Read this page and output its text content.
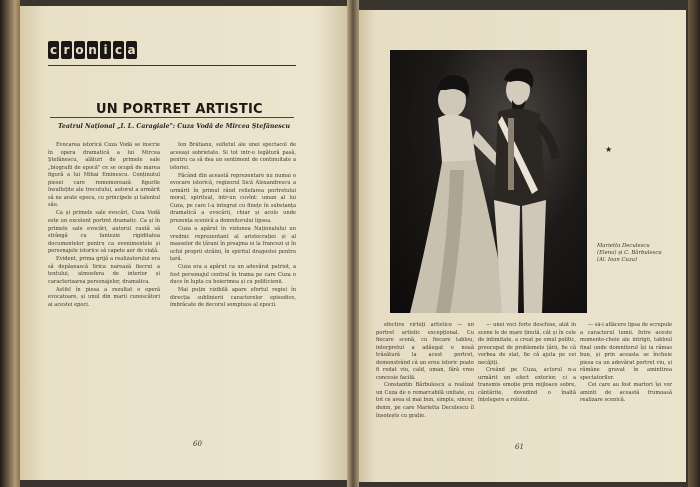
c r o n i c a
UN PORTRET ARTISTIC
Teatrul Național „I. L. Caragiale": Cuza Vodă de Mircea Ștefănescu

Evocarea istorică Cuza Vodă se înscrie în opera dramatică a lui Mircea Ștefănescu, alături de primele sale „biografii de epocă" ce se ocupă de marea figură a lui Mihai Eminescu. Conținutul piesei care rememorează figurile însuflețite ale trecutului, autorul a urmărit să ne arate epoca, cu principele și talentul său.

Ca și primele sale evocări, Cuza Vodă este un excelent portret dramatic. Ca și în primele sale evocări, autorul caută să strângă cu fantezie rigiditatea documentelor pentru ca evenimentele și personajele istorice să capete aer de viață.

Evident, prima grijă a realizatorului era să depășească lirica narează fiecrui a textului, atmosfera de interior și caracterizarea personajelor, dramatica.

Astfel în piesa a rezultat o operă evocatoare, și unul din marii cunoscători ai acestei epoci.

Ion Brătianu, sufletul ale unei spectacol de aceeași sobrietate. Si tot intr-o legătură pasă, pentru ca să dea un sentiment de continuitate a istoriei.

Făcând din această reprezentare nu numai o evocare istorică, regizorul Sică Alexandrescu a urmărit în primul rând reliefarea portretului moral, spiritual, intr-un cuvînt: uman al lui Cuza, pe care l-a integrat cu finețe în substanța dramatică a evocării, chiar și acolo unde prezența scenică a domnitorului lipsea.

Cuza a apărut în viziunea Naționalului un vrednic reprezentant al aristocrației și al masselor de țărani în preajma ei la francezi și în ochii proprii străini, în spiritul dragostei pentru țară.

Cuza era a apărut ca un adevărat patriot, a fost personajul central în trama pe care Cuza o duce în lupta cu boierimea și cu politicienii.

Mai puțin vizibilă apare efortul regiei în direcția sublinierii caracterelor episodice, îmbrăcate de decorul somptuos al epocii.

60
★
Marietta Deculescu (Elena) și C. Bărbulescu (Al. Ioan Cuza)

efective virtuți artistice — un portret artistic excepțional. Cu fiecare scenă, cu fiecare tablou, interpretul a adăugat o nouă trăsătură la acest portret, demonstrând că un erou istoric poate fi redat viu, cald, uman, fără vreo concesie facilă.

Constantin Bărbulescu a realizat un Cuza de o remarcabilă unitate, cu tot ce avea el mai bun, simplu, sincer, demn, pe care Marietta Deculescu îl însoțește cu grație.

— unei voci forte deschise, atât în scene le de mare ținută, cât și în cele de intimitate, a creat pe omul politic, preocupat de problemele țării, fie că vorbea de stat, fie că ajuta pe cei necăjiți.

Creând pe Cuza, actorul n-a urmărit un efect exterior, ci a transmis emoție prin mijloace sobre, cântărite, dovedind o înaltă înțelegere a rolului.

— să-i aflăcere lipsa de scrupule a caracterul lumii. Intre aceste momente-cheie ale intrigii, tabloul final unde domnitorul își ia rămas bun, și prin aceasta se încheie piesa ca un adevărat portret viu, și rămâne gravat în amintirea spectatorilor.

Cei care au fost martori își vor aminti de această frumoasă realizare scenică.

61
